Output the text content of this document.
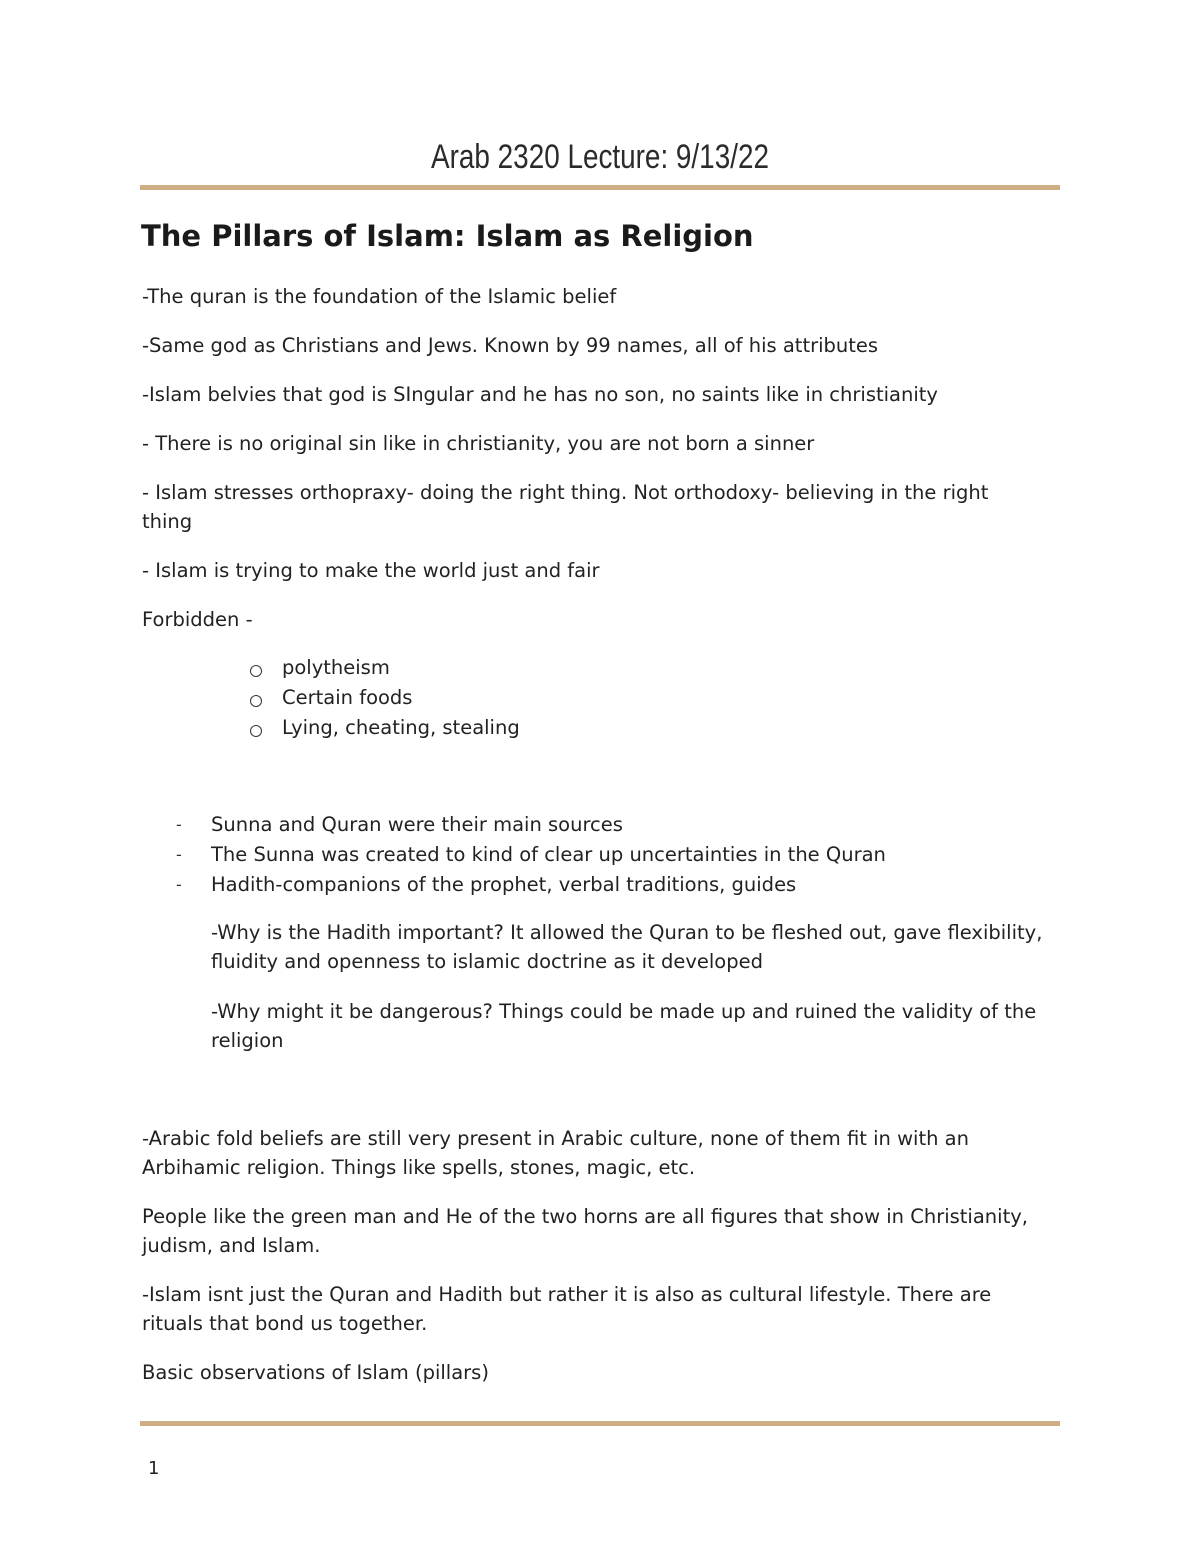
Arab 2320 Lecture: 9/13/22
The Pillars of Islam: Islam as Religion
-The quran is the foundation of the Islamic belief
-Same god as Christians and Jews. Known by 99 names, all of his attributes
-Islam belvies that god is SIngular and he has no son, no saints like in christianity
- There is no original sin like in christianity, you are not born a sinner
- Islam stresses orthopraxy- doing the right thing. Not orthodoxy- believing in the right
thing
- Islam is trying to make the world just and fair
Forbidden -
polytheism
Certain foods
Lying, cheating, stealing
- Sunna and Quran were their main sources
- The Sunna was created to kind of clear up uncertainties in the Quran
- Hadith-companions of the prophet, verbal traditions, guides
-Why is the Hadith important? It allowed the Quran to be fleshed out, gave flexibility,
fluidity and openness to islamic doctrine as it developed
-Why might it be dangerous? Things could be made up and ruined the validity of the
religion
-Arabic fold beliefs are still very present in Arabic culture, none of them fit in with an
Arbihamic religion. Things like spells, stones, magic, etc.
People like the green man and He of the two horns are all figures that show in Christianity,
judism, and Islam.
-Islam isnt just the Quran and Hadith but rather it is also as cultural lifestyle. There are
rituals that bond us together.
Basic observations of Islam (pillars)
1
